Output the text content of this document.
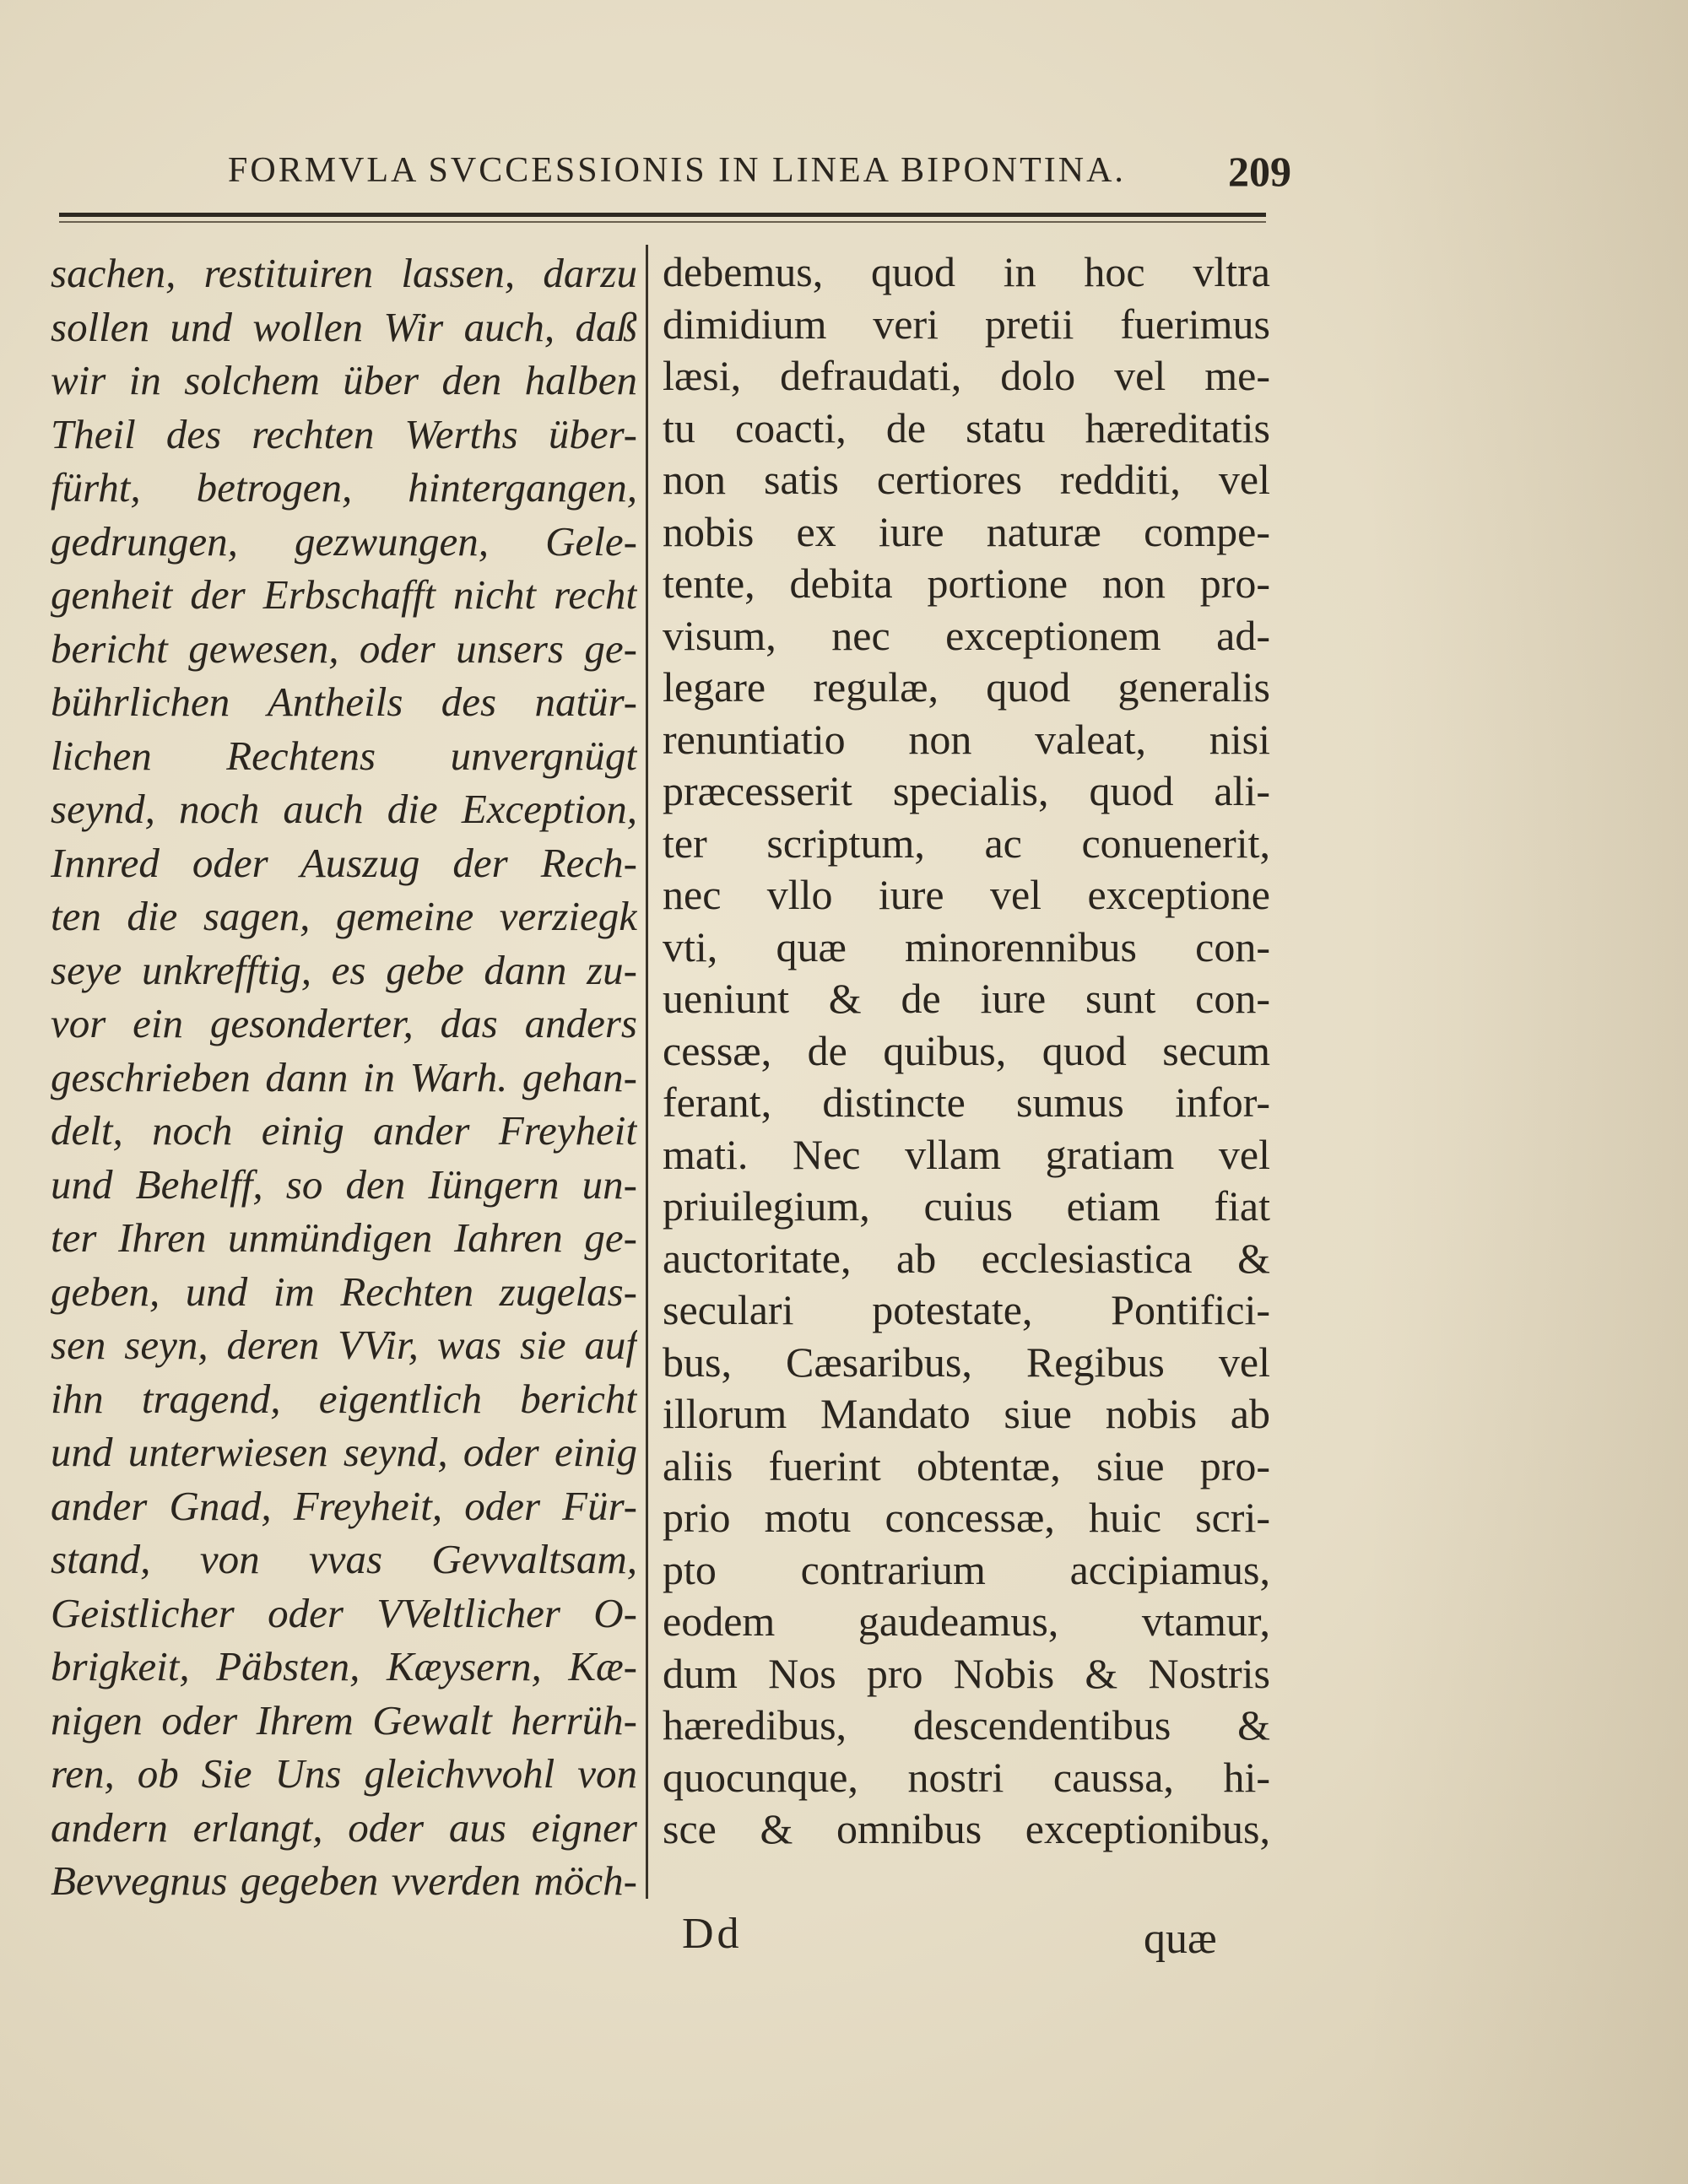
FORMVLA SVCCESSIONIS IN LINEA BIPONTINA. 209
sachen, restituiren lassen, darzu
sollen und wollen Wir auch, daß
wir in solchem über den halben
Theil des rechten Werths über-
fürht, betrogen, hintergangen,
gedrungen, gezwungen, Gele-
genheit der Erbschafft nicht recht
bericht gewesen, oder unsers ge-
bührlichen Antheils des natür-
lichen Rechtens unvergnügt
seynd, noch auch die Exception,
Innred oder Auszug der Rech-
ten die sagen, gemeine verziegk
seye unkrefftig, es gebe dann zu-
vor ein gesonderter, das anders
geschrieben dann in Warh. gehan-
delt, noch einig ander Freyheit
und Behelff, so den Iüngern un-
ter Ihren unmündigen Iahren ge-
geben, und im Rechten zugelas-
sen seyn, deren VVir, was sie auf
ihn tragend, eigentlich bericht
und unterwiesen seynd, oder einig
ander Gnad, Freyheit, oder Für-
stand, von vvas Gevvaltsam,
Geistlicher oder VVeltlicher O-
brigkeit, Päbsten, Kæysern, Kæ-
nigen oder Ihrem Gewalt herrüh-
ren, ob Sie Uns gleichvvohl von
andern erlangt, oder aus eigner
Bevvegnus gegeben vverden möch-
debemus, quod in hoc vltra
dimidium veri pretii fuerimus
læsi, defraudati, dolo vel me-
tu coacti, de statu hæreditatis
non satis certiores redditi, vel
nobis ex iure naturæ compe-
tente, debita portione non pro-
visum, nec exceptionem ad-
legare regulæ, quod generalis
renuntiatio non valeat, nisi
præcesserit specialis, quod ali-
ter scriptum, ac conuenerit,
nec vllo iure vel exceptione
vti, quæ minorennibus con-
ueniunt & de iure sunt con-
cessæ, de quibus, quod secum
ferant, distincte sumus infor-
mati. Nec vllam gratiam vel
priuilegium, cuius etiam fiat
auctoritate, ab ecclesiastica &
seculari potestate, Pontifici-
bus, Cæsaribus, Regibus vel
illorum Mandato siue nobis ab
aliis fuerint obtentæ, siue pro-
prio motu concessæ, huic scri-
pto contrarium accipiamus,
eodem gaudeamus, vtamur,
dum Nos pro Nobis & Nostris
hæredibus, descendentibus &
quocunque, nostri caussa, hi-
sce & omnibus exceptionibus,
Dd	quæ
